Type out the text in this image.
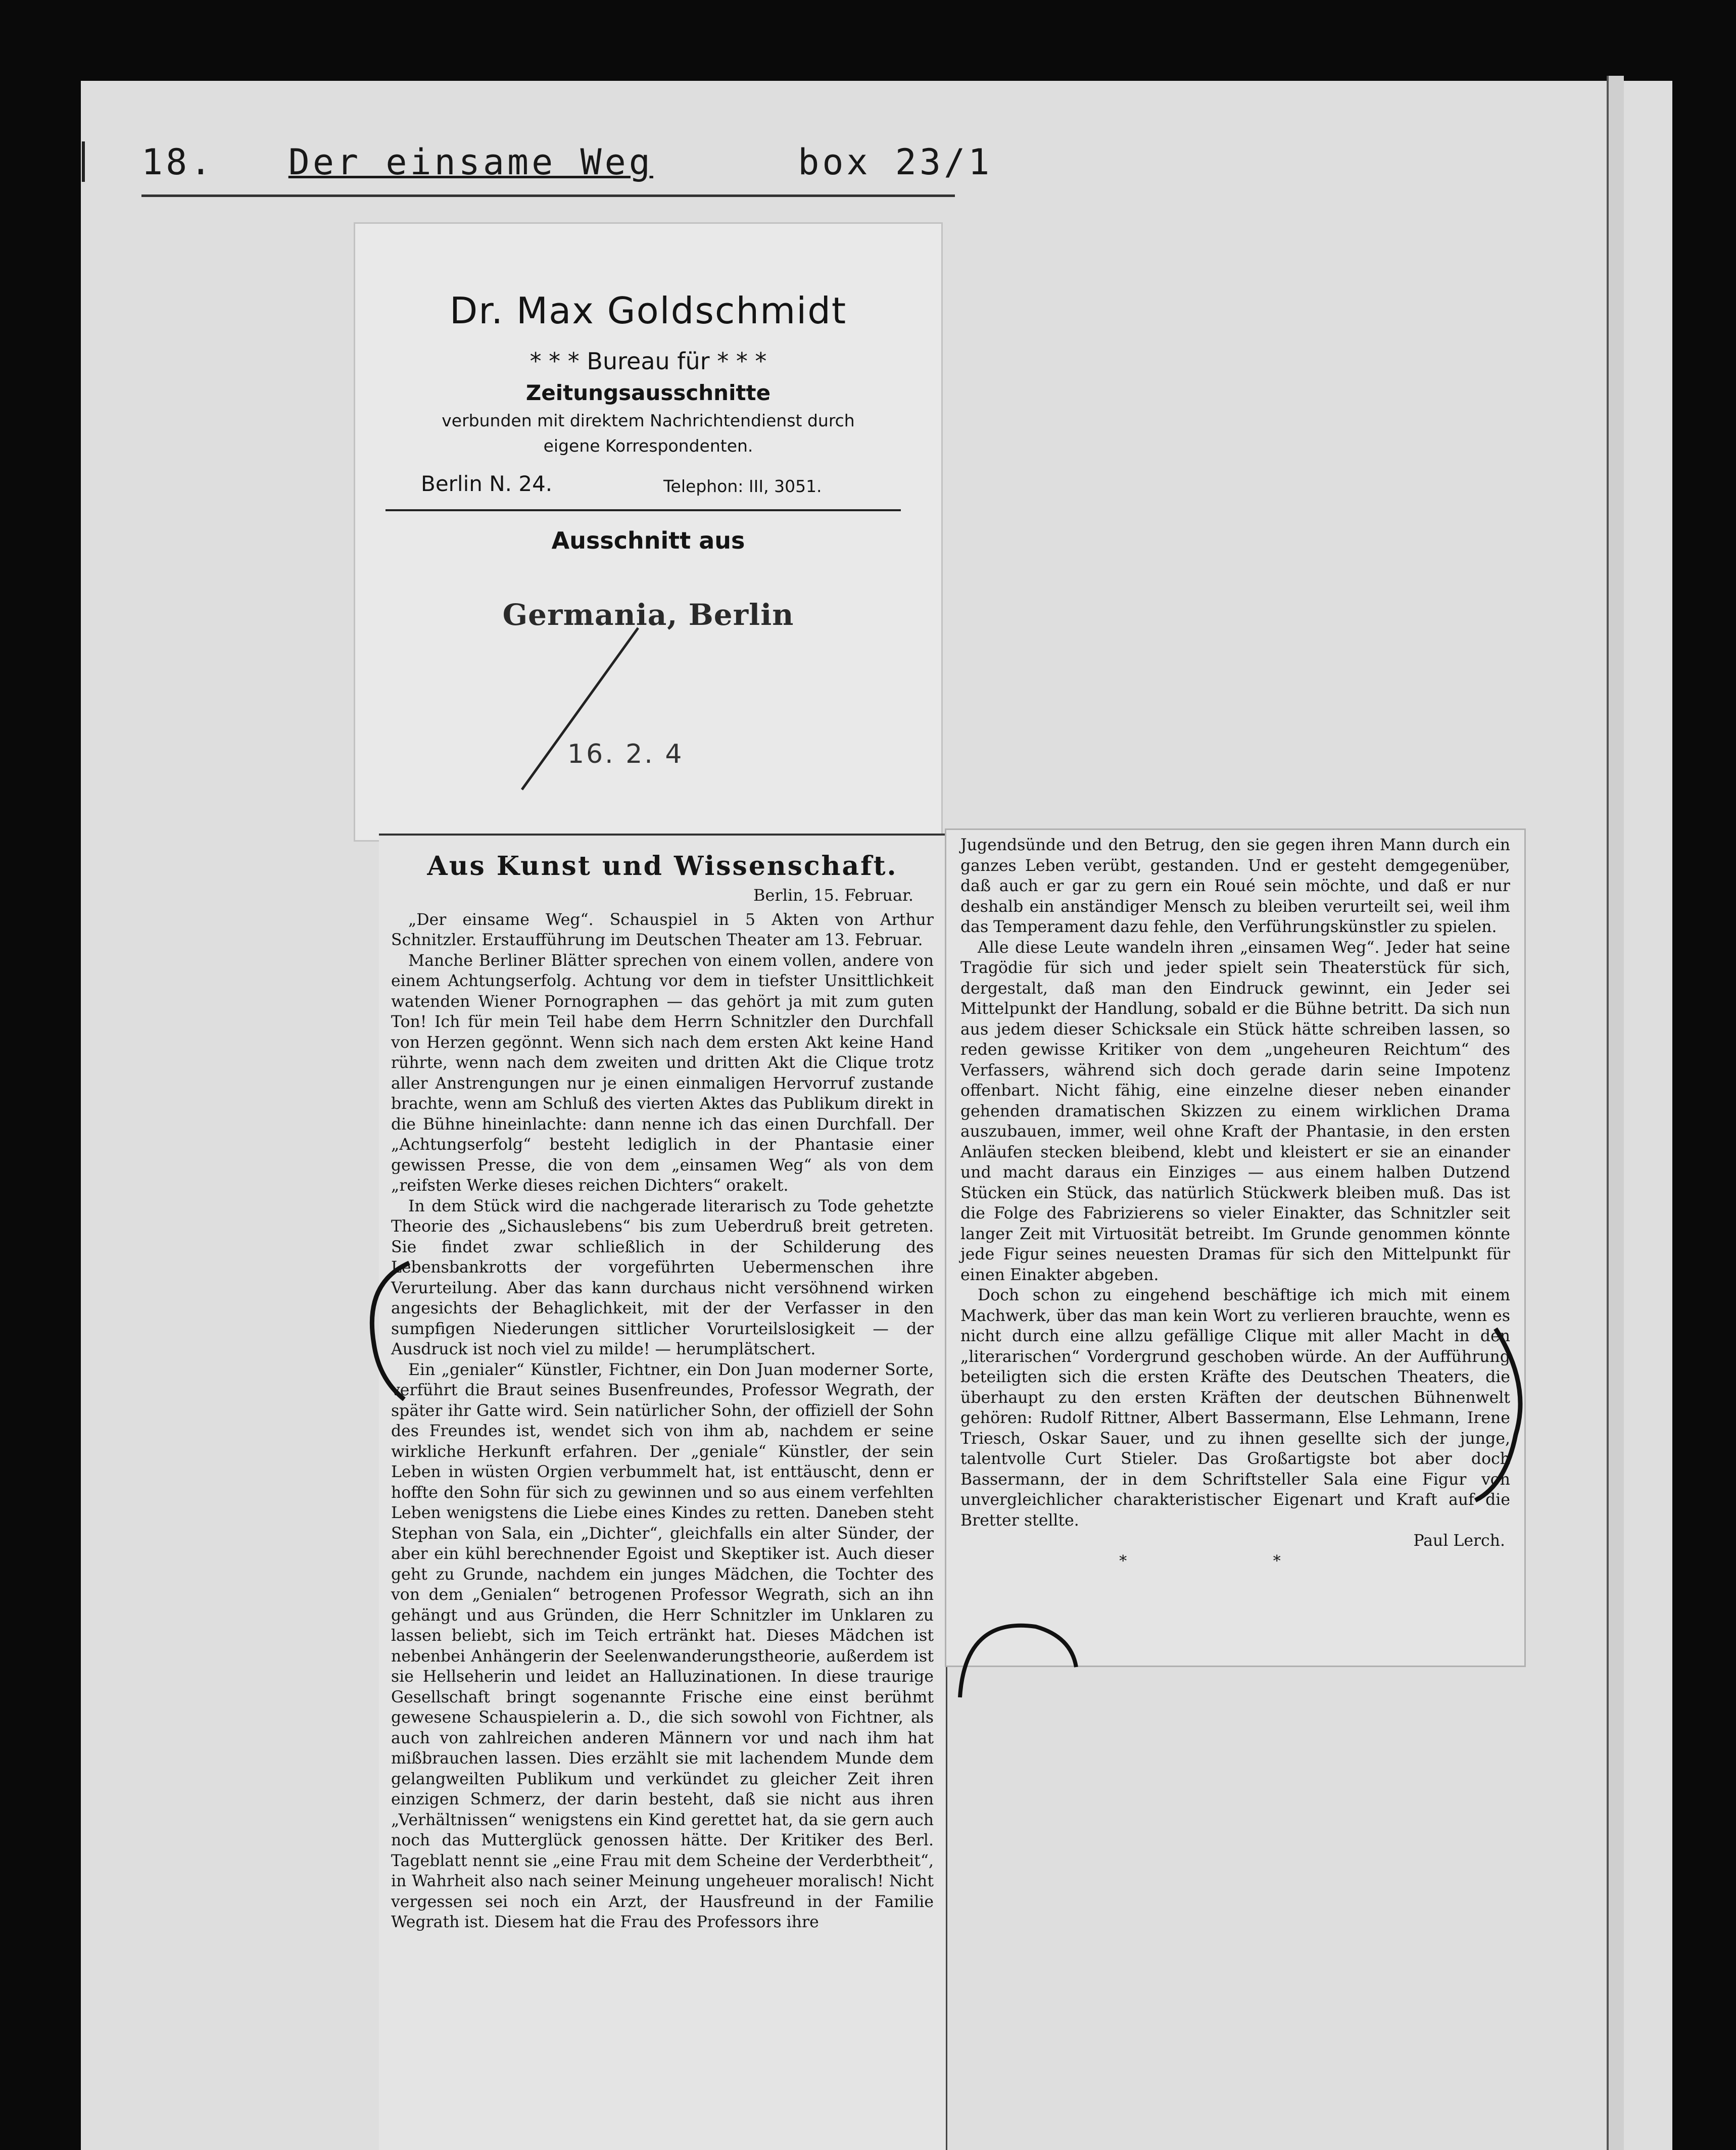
18. Der einsame Weg	box 23/1
Dr. Max Goldschmidt
* * * Bureau für * * *
Zeitungsausschnitte
verbunden mit direktem Nachrichtendienst durch
eigene Korrespondenten.
Berlin N. 24.	Telephon: III, 3051.
Ausschnitt aus
Germania, Berlin
16. 2. 4
Aus Kunst und Wissenschaft.
Berlin, 15. Februar.

„Der einsame Weg“. Schauspiel in 5 Akten von Arthur Schnitzler. Erstaufführung im Deutschen Theater am 13. Februar.

Manche Berliner Blätter sprechen von einem vollen, andere von einem Achtungserfolg. Achtung vor dem in tiefster Unsittlichkeit watenden Wiener Pornographen — das gehört ja mit zum guten Ton! Ich für mein Teil habe dem Herrn Schnitzler den Durchfall von Herzen gegönnt. Wenn sich nach dem ersten Akt keine Hand rührte, wenn nach dem zweiten und dritten Akt die Clique trotz aller Anstrengungen nur je einen einmaligen Hervorruf zustande brachte, wenn am Schluß des vierten Aktes das Publikum direkt in die Bühne hineinlachte: dann nenne ich das einen Durchfall. Der „Achtungserfolg“ besteht lediglich in der Phantasie einer gewissen Presse, die von dem „einsamen Weg“ als von dem „reifsten Werke dieses reichen Dichters“ orakelt.

In dem Stück wird die nachgerade literarisch zu Tode gehetzte Theorie des „Sichauslebens“ bis zum Ueberdruß breit getreten. Sie findet zwar schließlich in der Schilderung des Lebensbankrotts der vorgeführten Uebermenschen ihre Verurteilung. Aber das kann durchaus nicht versöhnend wirken angesichts der Behaglichkeit, mit der der Verfasser in den sumpfigen Niederungen sittlicher Vorurteilslosigkeit — der Ausdruck ist noch viel zu milde! — herumplätschert.

Ein „genialer“ Künstler, Fichtner, ein Don Juan moderner Sorte, verführt die Braut seines Busenfreundes, Professor Wegrath, der später ihr Gatte wird. Sein natürlicher Sohn, der offiziell der Sohn des Freundes ist, wendet sich von ihm ab, nachdem er seine wirkliche Herkunft erfahren. Der „geniale“ Künstler, der sein Leben in wüsten Orgien verbummelt hat, ist enttäuscht, denn er hoffte den Sohn für sich zu gewinnen und so aus einem verfehlten Leben wenigstens die Liebe eines Kindes zu retten. Daneben steht Stephan von Sala, ein „Dichter“, gleichfalls ein alter Sünder, der aber ein kühl berechnender Egoist und Skeptiker ist. Auch dieser geht zu Grunde, nachdem ein junges Mädchen, die Tochter des von dem „Genialen“ betrogenen Professor Wegrath, sich an ihn gehängt und aus Gründen, die Herr Schnitzler im Unklaren zu lassen beliebt, sich im Teich ertränkt hat. Dieses Mädchen ist nebenbei Anhängerin der Seelenwanderungstheorie, außerdem ist sie Hellseherin und leidet an Halluzinationen. In diese traurige Gesellschaft bringt sogenannte Frische eine einst berühmt gewesene Schauspielerin a. D., die sich sowohl von Fichtner, als auch von zahlreichen anderen Männern vor und nach ihm hat mißbrauchen lassen. Dies erzählt sie mit lachendem Munde dem gelangweilten Publikum und verkündet zu gleicher Zeit ihren einzigen Schmerz, der darin besteht, daß sie nicht aus ihren „Verhältnissen“ wenigstens ein Kind gerettet hat, da sie gern auch noch das Mutterglück genossen hätte. Der Kritiker des Berl. Tageblatt nennt sie „eine Frau mit dem Scheine der Verderbtheit“, in Wahrheit also nach seiner Meinung ungeheuer moralisch! Nicht vergessen sei noch ein Arzt, der Hausfreund in der Familie Wegrath ist. Diesem hat die Frau des Professors ihre

Jugendsünde und den Betrug, den sie gegen ihren Mann durch ein ganzes Leben verübt, gestanden. Und er gesteht demgegenüber, daß auch er gar zu gern ein Roué sein möchte, und daß er nur deshalb ein anständiger Mensch zu bleiben verurteilt sei, weil ihm das Temperament dazu fehle, den Verführungskünstler zu spielen.

Alle diese Leute wandeln ihren „einsamen Weg“. Jeder hat seine Tragödie für sich und jeder spielt sein Theaterstück für sich, dergestalt, daß man den Eindruck gewinnt, ein Jeder sei Mittelpunkt der Handlung, sobald er die Bühne betritt. Da sich nun aus jedem dieser Schicksale ein Stück hätte schreiben lassen, so reden gewisse Kritiker von dem „ungeheuren Reichtum“ des Verfassers, während sich doch gerade darin seine Impotenz offenbart. Nicht fähig, eine einzelne dieser neben einander gehenden dramatischen Skizzen zu einem wirklichen Drama auszubauen, immer, weil ohne Kraft der Phantasie, in den ersten Anläufen stecken bleibend, klebt und kleistert er sie an einander und macht daraus ein Einziges — aus einem halben Dutzend Stücken ein Stück, das natürlich Stückwerk bleiben muß. Das ist die Folge des Fabrizierens so vieler Einakter, das Schnitzler seit langer Zeit mit Virtuosität betreibt. Im Grunde genommen könnte jede Figur seines neuesten Dramas für sich den Mittelpunkt für einen Einakter abgeben.

Doch schon zu eingehend beschäftige ich mich mit einem Machwerk, über das man kein Wort zu verlieren brauchte, wenn es nicht durch eine allzu gefällige Clique mit aller Macht in den „literarischen“ Vordergrund geschoben würde. An der Aufführung beteiligten sich die ersten Kräfte des Deutschen Theaters, die überhaupt zu den ersten Kräften der deutschen Bühnenwelt gehören: Rudolf Rittner, Albert Bassermann, Else Lehmann, Irene Triesch, Oskar Sauer, und zu ihnen gesellte sich der junge, talentvolle Curt Stieler. Das Großartigste bot aber doch Bassermann, der in dem Schriftsteller Sala eine Figur von unvergleichlicher charakteristischer Eigenart und Kraft auf die Bretter stellte.

Paul Lerch.

* *
